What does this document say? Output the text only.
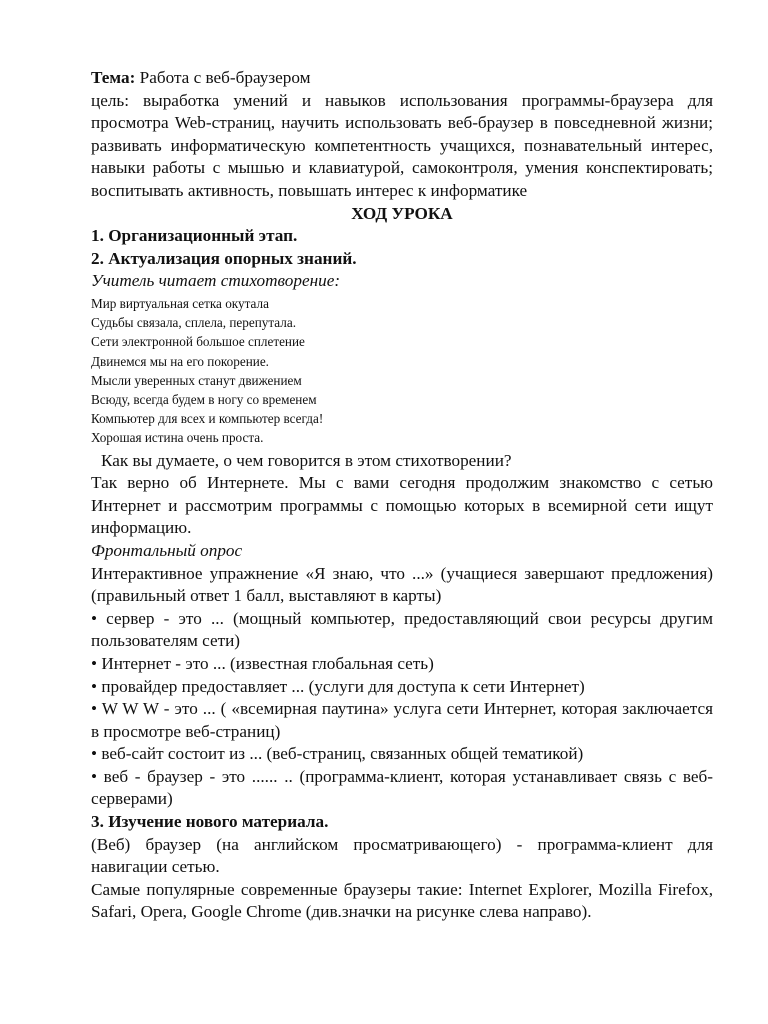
Тема: Работа с веб-браузером

цель: выработка умений и навыков использования программы-браузера для просмотра Web-страниц, научить использовать веб-браузер в повседневной жизни; развивать информатическую компетентность учащихся, познавательный интерес, навыки работы с мышью и клавиатурой, самоконтроля, умения конспектировать; воспитывать активность, повышать интерес к информатике

ХОД УРОКА

1. Организационный этап.

2. Актуализация опорных знаний.

Учитель читает стихотворение:

Мир виртуальная сетка окутала
Судьбы связала, сплела, перепутала.
Сети электронной большое сплетение
Двинемся мы на его покорение.
Мысли уверенных станут движением
Всюду, всегда будем в ногу со временем
Компьютер для всех и компьютер всегда!
Хорошая истина очень проста.

Как вы думаете, о чем говорится в этом стихотворении?

Так верно об Интернете. Мы с вами сегодня продолжим знакомство с сетью Интернет и рассмотрим программы с помощью которых в всемирной сети ищут информацию.

Фронтальный опрос

Интерактивное упражнение «Я знаю, что ...» (учащиеся завершают предложения) (правильный ответ 1 балл, выставляют в карты)

• сервер - это ... (мощный компьютер, предоставляющий свои ресурсы другим пользователям сети)

• Интернет - это ... (известная глобальная сеть)

• провайдер предоставляет ... (услуги для доступа к сети Интернет)

• W W W - это ... ( «всемирная паутина» услуга сети Интернет, которая заключается в просмотре веб-страниц)

• веб-сайт состоит из ... (веб-страниц, связанных общей тематикой)

• веб - браузер - это ...... .. (программа-клиент, которая устанавливает связь с веб-серверами)

3. Изучение нового материала.

(Веб) браузер (на английском просматривающего) - программа-клиент для навигации сетью.

Самые популярные современные браузеры такие: Internet Explorer, Mozilla Firefox, Safari, Opera, Google Chrome (див.значки на рисунке слева направо).
